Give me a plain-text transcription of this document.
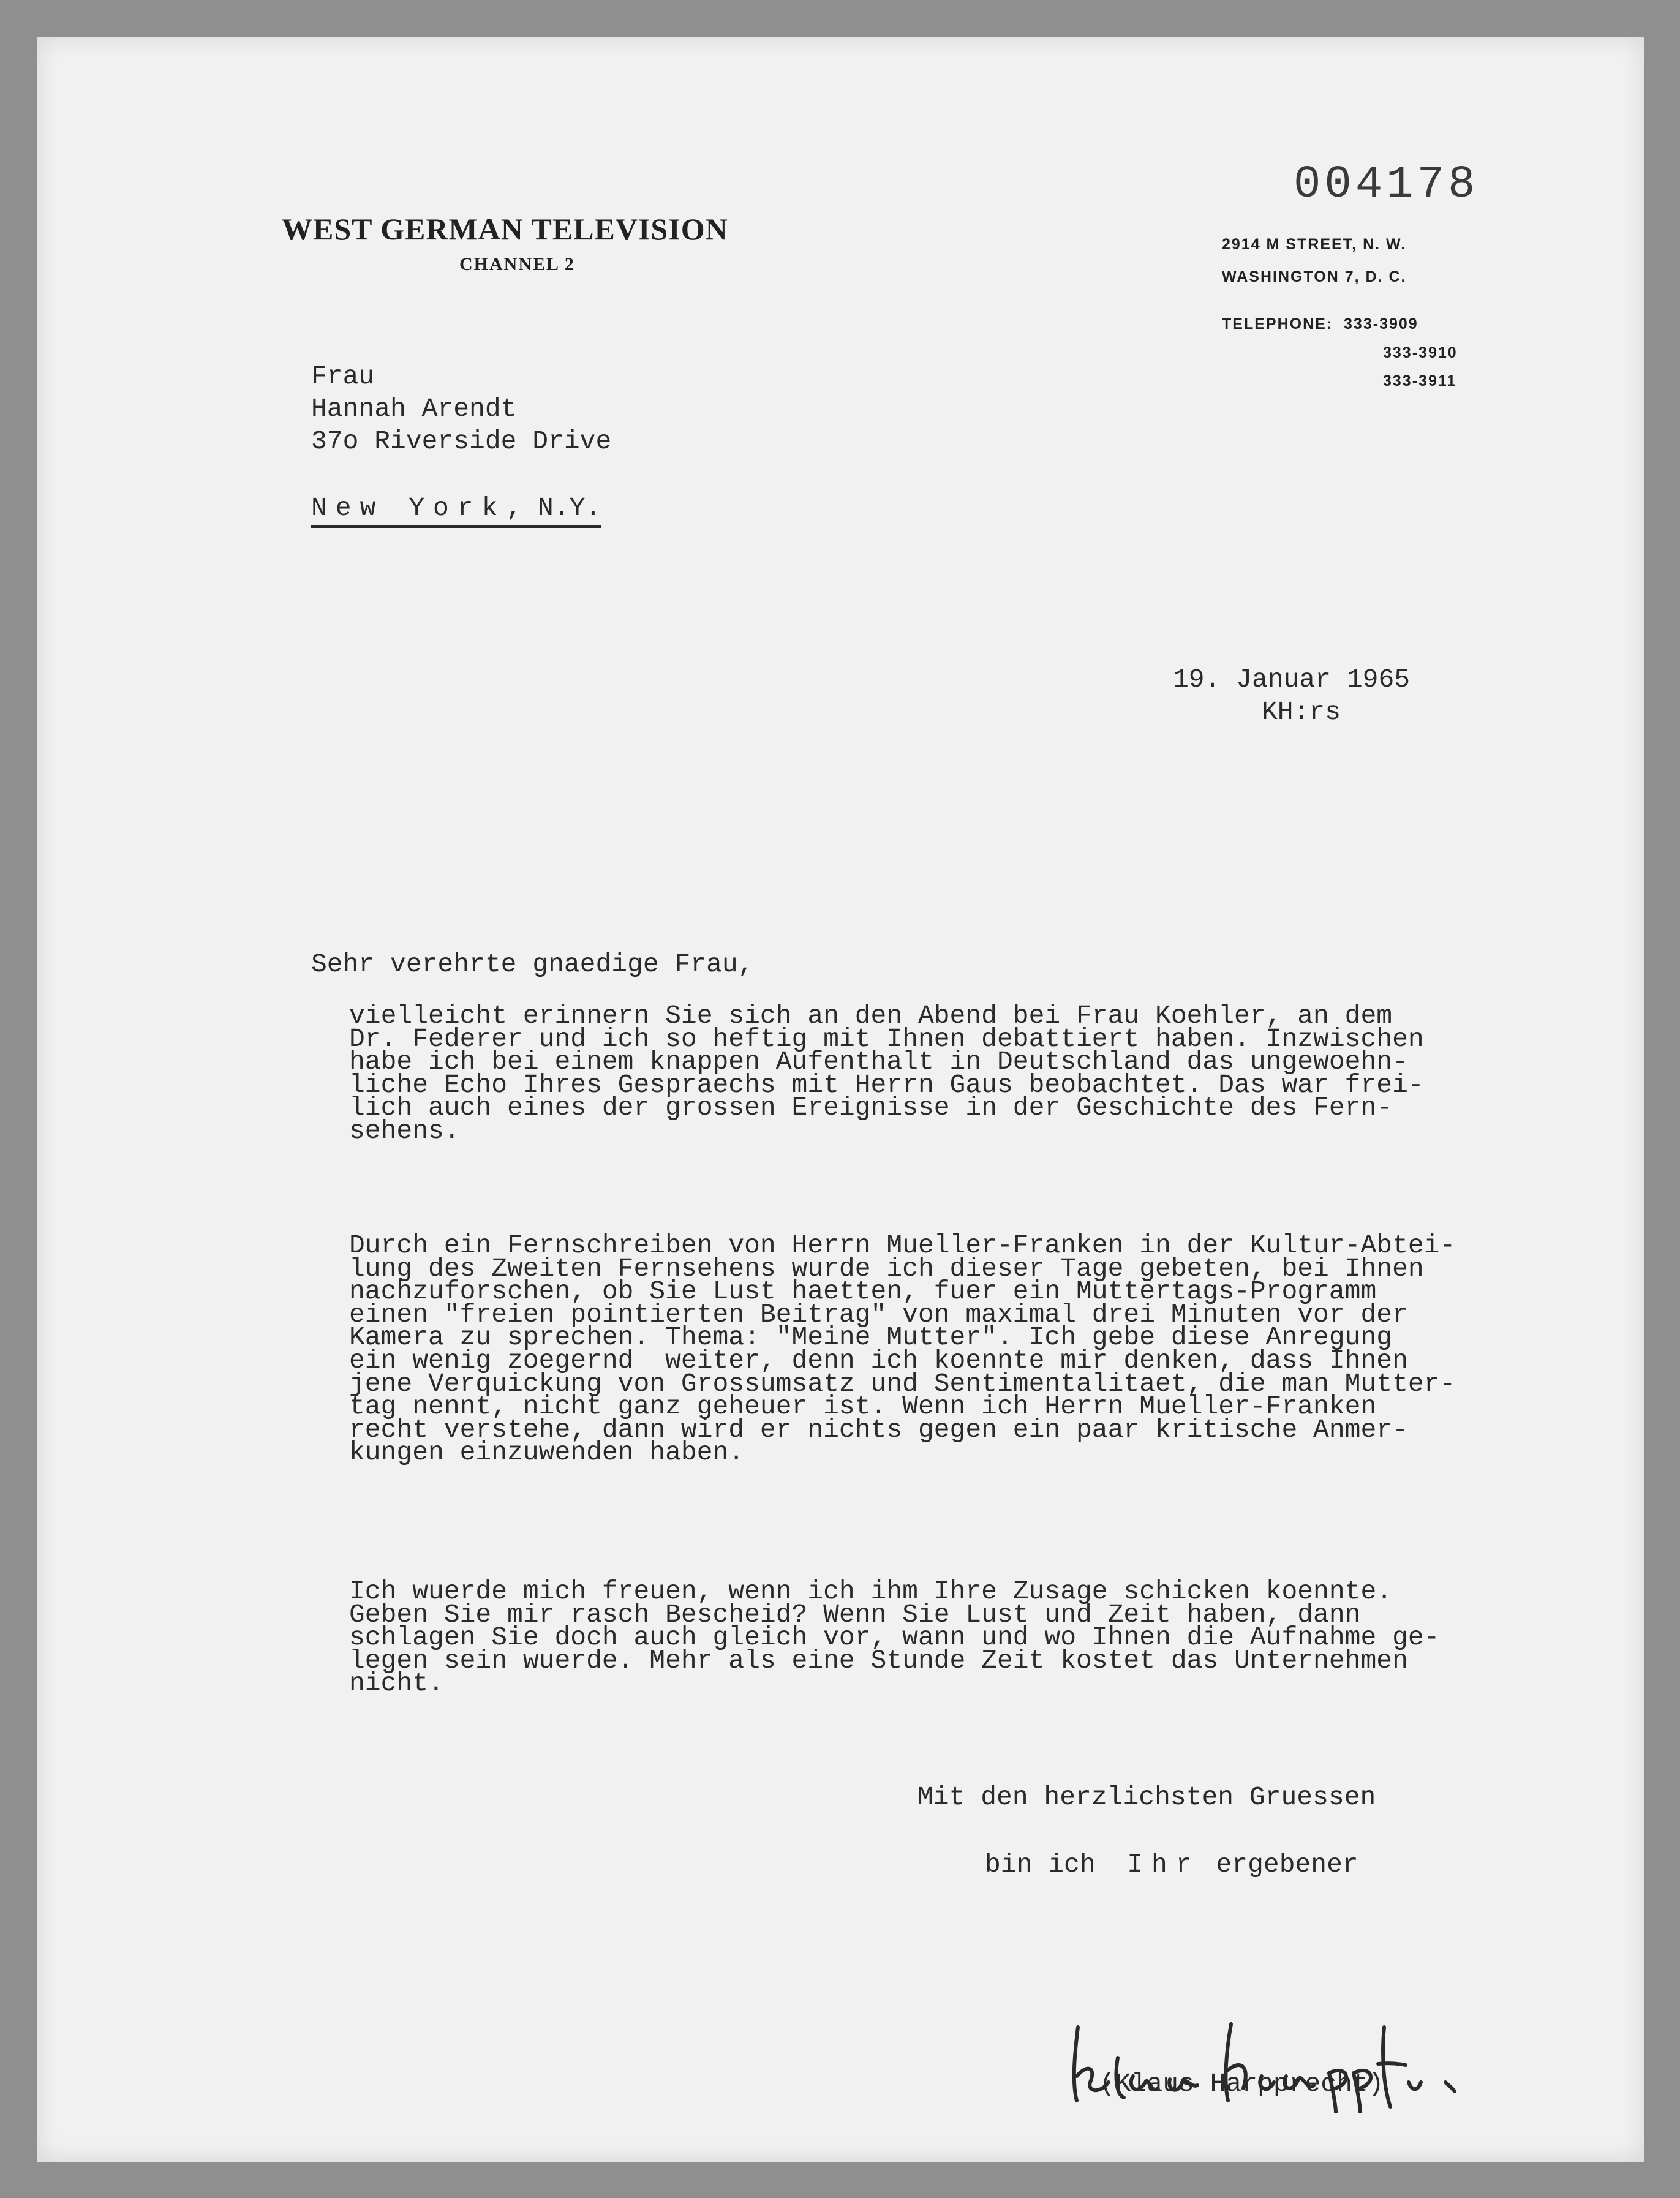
004178
WEST GERMAN TELEVISION
CHANNEL 2
2914 M STREET, N. W.
WASHINGTON 7, D. C.
TELEPHONE: 333-3909
333-3910
333-3911
Frau
Hannah Arendt
37o Riverside Drive
New York, N.Y.
19. Januar 1965
KH:rs
Sehr verehrte gnaedige Frau,
vielleicht erinnern Sie sich an den Abend bei Frau Koehler, an dem
Dr. Federer und ich so heftig mit Ihnen debattiert haben. Inzwischen
habe ich bei einem knappen Aufenthalt in Deutschland das ungewoehn-
liche Echo Ihres Gespraechs mit Herrn Gaus beobachtet. Das war frei-
lich auch eines der grossen Ereignisse in der Geschichte des Fern-
sehens.
Durch ein Fernschreiben von Herrn Mueller-Franken in der Kultur-Abtei-
lung des Zweiten Fernsehens wurde ich dieser Tage gebeten, bei Ihnen
nachzuforschen, ob Sie Lust haetten, fuer ein Muttertags-Programm
einen "freien pointierten Beitrag" von maximal drei Minuten vor der
Kamera zu sprechen. Thema: "Meine Mutter". Ich gebe diese Anregung
ein wenig zoegernd  weiter, denn ich koennte mir denken, dass Ihnen
jene Verquickung von Grossumsatz und Sentimentalitaet, die man Mutter-
tag nennt, nicht ganz geheuer ist. Wenn ich Herrn Mueller-Franken
recht verstehe, dann wird er nichts gegen ein paar kritische Anmer-
kungen einzuwenden haben.
Ich wuerde mich freuen, wenn ich ihm Ihre Zusage schicken koennte.
Geben Sie mir rasch Bescheid? Wenn Sie Lust und Zeit haben, dann
schlagen Sie doch auch gleich vor, wann und wo Ihnen die Aufnahme ge-
legen sein wuerde. Mehr als eine Stunde Zeit kostet das Unternehmen
nicht.
Mit den herzlichsten Gruessen
bin ich Ihr ergebener
(Klaus Harpprecht)
